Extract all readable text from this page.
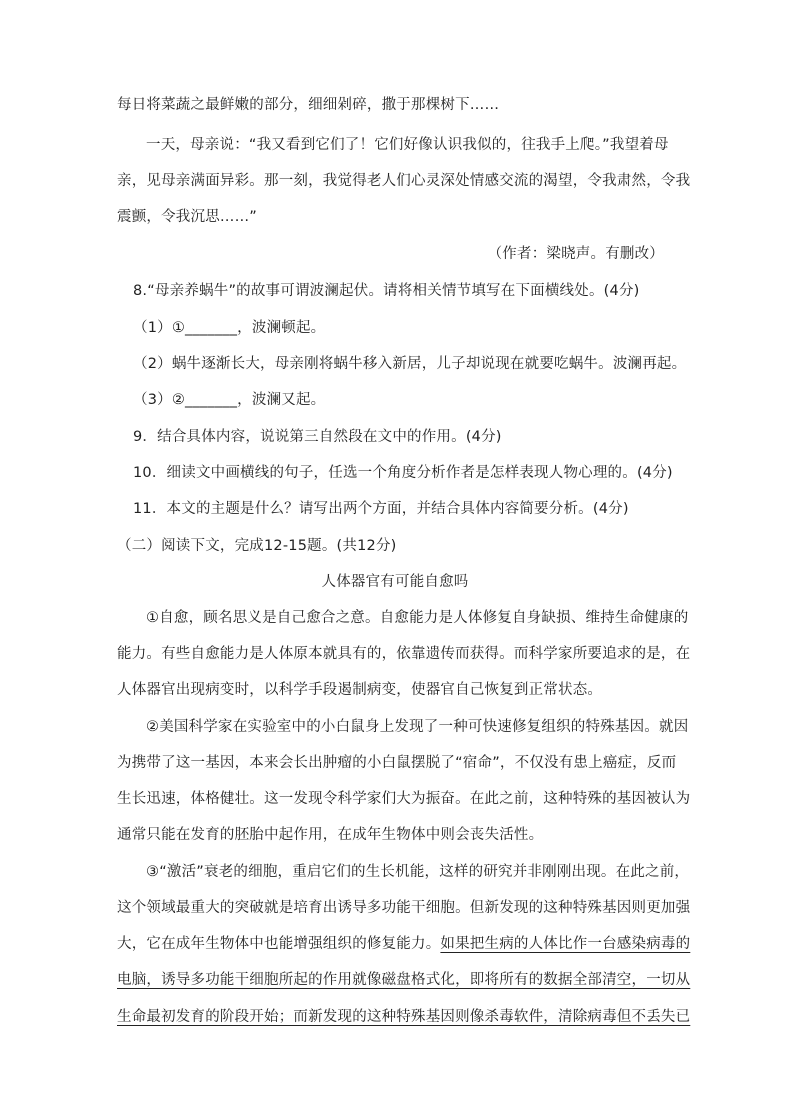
每日将菜蔬之最鲜嫩的部分，细细剁碎，撒于那棵树下……
一天，母亲说：“我又看到它们了！它们好像认识我似的，往我手上爬。”我望着母
亲，见母亲满面异彩。那一刻，我觉得老人们心灵深处情感交流的渴望，令我肃然，令我
震颤，令我沉思……”
（作者：梁晓声。有删改）
8.“母亲养蜗牛”的故事可谓波澜起伏。请将相关情节填写在下面横线处。(4分)
（1）①_______，波澜顿起。
（2）蜗牛逐渐长大，母亲刚将蜗牛移入新居，儿子却说现在就要吃蜗牛。波澜再起。
（3）②_______，波澜又起。
9．结合具体内容，说说第三自然段在文中的作用。(4分)
10．细读文中画横线的句子，任选一个角度分析作者是怎样表现人物心理的。(4分)
11．本文的主题是什么？请写出两个方面，并结合具体内容简要分析。(4分)
（二）阅读下文，完成12-15题。(共12分)
人体器官有可能自愈吗
①自愈，顾名思义是自己愈合之意。自愈能力是人体修复自身缺损、维持生命健康的
能力。有些自愈能力是人体原本就具有的，依靠遗传而获得。而科学家所要追求的是，在
人体器官出现病变时，以科学手段遏制病变，使器官自己恢复到正常状态。
②美国科学家在实验室中的小白鼠身上发现了一种可快速修复组织的特殊基因。就因
为携带了这一基因，本来会长出肿瘤的小白鼠摆脱了“宿命”，不仅没有患上癌症，反而
生长迅速，体格健壮。这一发现令科学家们大为振奋。在此之前，这种特殊的基因被认为
通常只能在发育的胚胎中起作用，在成年生物体中则会丧失活性。
③“激活”衰老的细胞，重启它们的生长机能，这样的研究并非刚刚出现。在此之前，
这个领域最重大的突破就是培育出诱导多功能干细胞。但新发现的这种特殊基因则更加强
大，它在成年生物体中也能增强组织的修复能力。如果把生病的人体比作一台感染病毒的
电脑，诱导多功能干细胞所起的作用就像磁盘格式化，即将所有的数据全部清空，一切从
生命最初发育的阶段开始；而新发现的这种特殊基因则像杀毒软件，清除病毒但不丢失已
